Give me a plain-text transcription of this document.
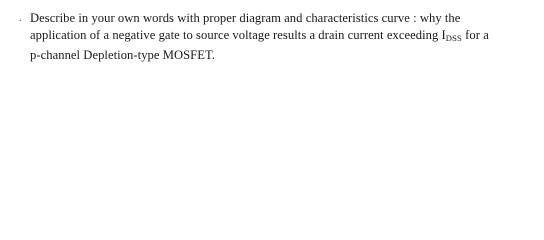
. Describe in your own words with proper diagram and characteristics curve : why the
application of a negative gate to source voltage results a drain current exceeding $I_{DSS}$ for a
p-channel Depletion-type MOSFET.
